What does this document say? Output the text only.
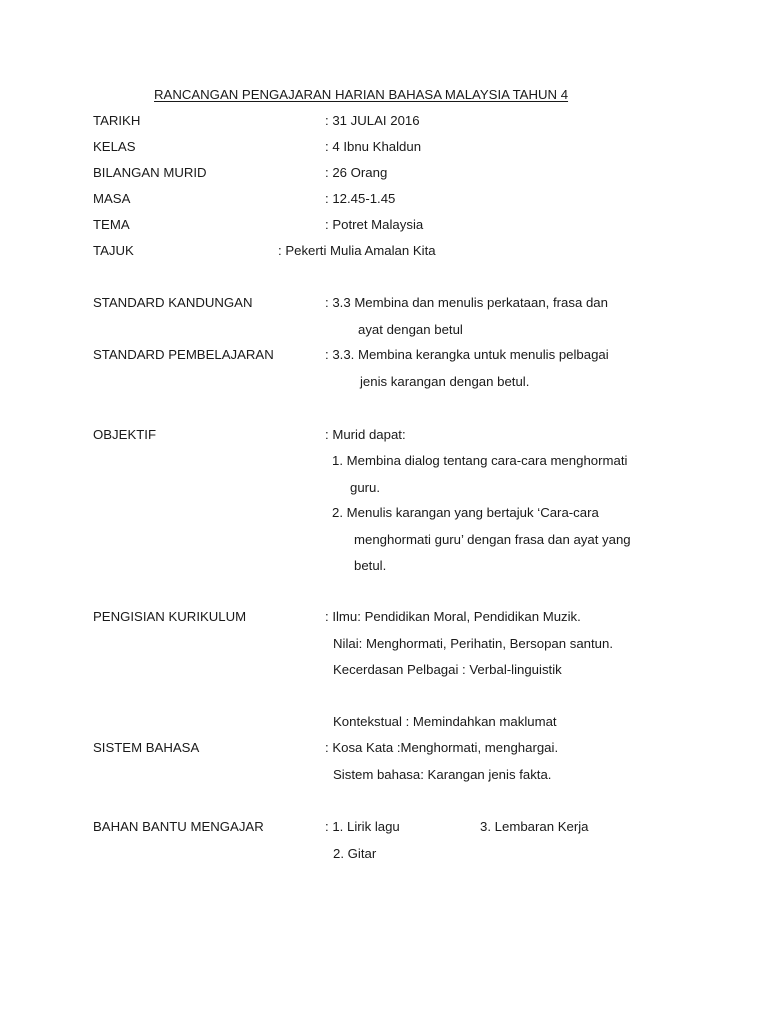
RANCANGAN PENGAJARAN HARIAN BAHASA MALAYSIA TAHUN 4
TARIKH	: 31 JULAI 2016
KELAS	: 4 Ibnu Khaldun
BILANGAN MURID	: 26 Orang
MASA	: 12.45-1.45
TEMA	: Potret Malaysia
TAJUK	: Pekerti Mulia Amalan Kita
STANDARD KANDUNGAN	: 3.3 Membina dan menulis perkataan, frasa dan
ayat dengan betul
STANDARD PEMBELAJARAN	: 3.3. Membina kerangka untuk menulis pelbagai
jenis karangan dengan betul.
OBJEKTIF	: Murid dapat:
1. Membina dialog tentang cara-cara menghormati
guru.
2. Menulis karangan yang bertajuk ‘Cara-cara
menghormati guru’ dengan frasa dan ayat yang
betul.
PENGISIAN KURIKULUM	: Ilmu: Pendidikan Moral, Pendidikan Muzik.
Nilai: Menghormati, Perihatin, Bersopan santun.
Kecerdasan Pelbagai : Verbal-linguistik
Kontekstual : Memindahkan maklumat
SISTEM BAHASA	: Kosa Kata :Menghormati, menghargai.
Sistem bahasa: Karangan jenis fakta.
BAHAN BANTU MENGAJAR	: 1. Lirik lagu	3. Lembaran Kerja
2. Gitar
